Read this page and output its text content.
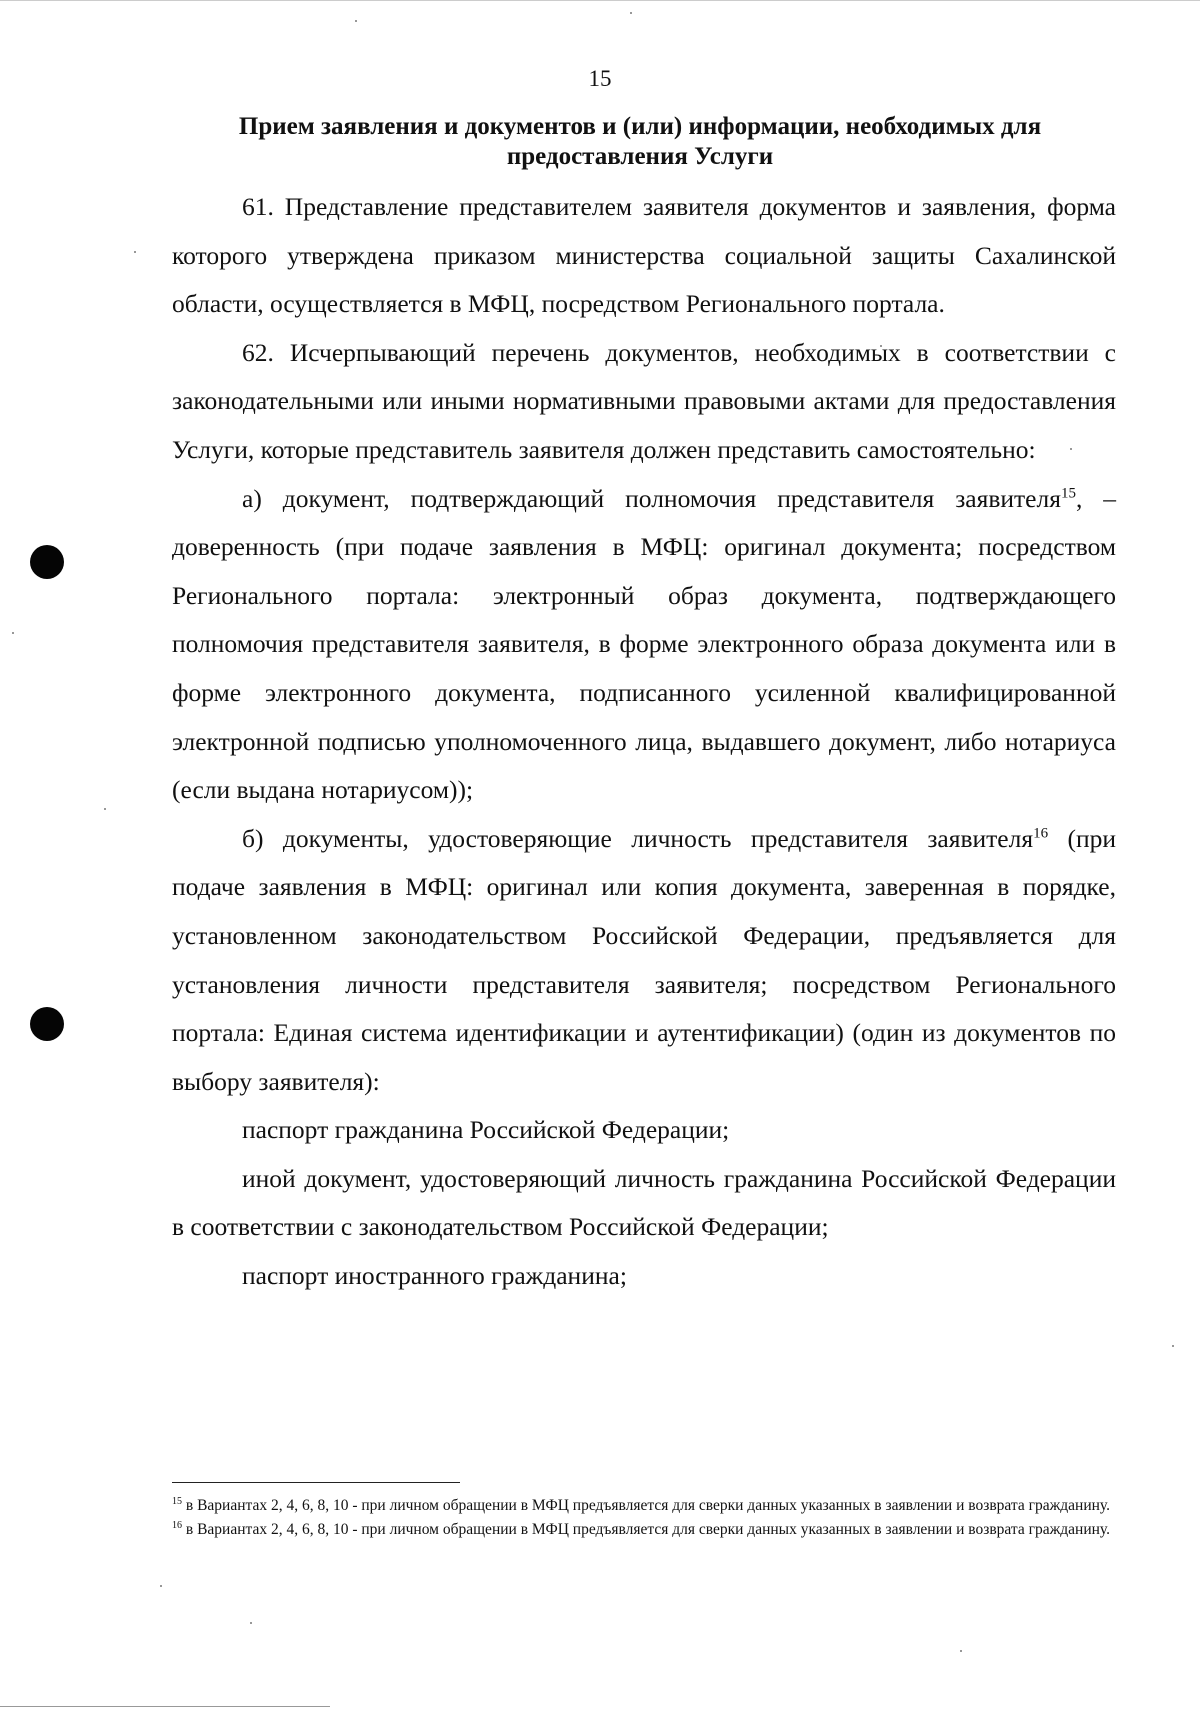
15
Прием заявления и документов и (или) информации, необходимых для предоставления Услуги

61. Представление представителем заявителя документов и заявления, форма которого утверждена приказом министерства социальной защиты Сахалинской области, осуществляется в МФЦ, посредством Регионального портала.

62. Исчерпывающий перечень документов, необходимых в соответствии с законодательными или иными нормативными правовыми актами для предоставления Услуги, которые представитель заявителя должен представить самостоятельно:

а) документ, подтверждающий полномочия представителя заявителя$^{15}$, – доверенность (при подаче заявления в МФЦ: оригинал документа; посредством Регионального портала: электронный образ документа, подтверждающего полномочия представителя заявителя, в форме электронного образа документа или в форме электронного документа, подписанного усиленной квалифицированной электронной подписью уполномоченного лица, выдавшего документ, либо нотариуса (если выдана нотариусом));

б) документы, удостоверяющие личность представителя заявителя$^{16}$ (при подаче заявления в МФЦ: оригинал или копия документа, заверенная в порядке, установленном законодательством Российской Федерации, предъявляется для установления личности представителя заявителя; посредством Регионального портала: Единая система идентификации и аутентификации) (один из документов по выбору заявителя):

паспорт гражданина Российской Федерации;

иной документ, удостоверяющий личность гражданина Российской Федерации в соответствии с законодательством Российской Федерации;

паспорт иностранного гражданина;

$^{15}$ в Вариантах 2, 4, 6, 8, 10 - при личном обращении в МФЦ предъявляется для сверки данных указанных в заявлении и возврата гражданину.

$^{16}$ в Вариантах 2, 4, 6, 8, 10 - при личном обращении в МФЦ предъявляется для сверки данных указанных в заявлении и возврата гражданину.
